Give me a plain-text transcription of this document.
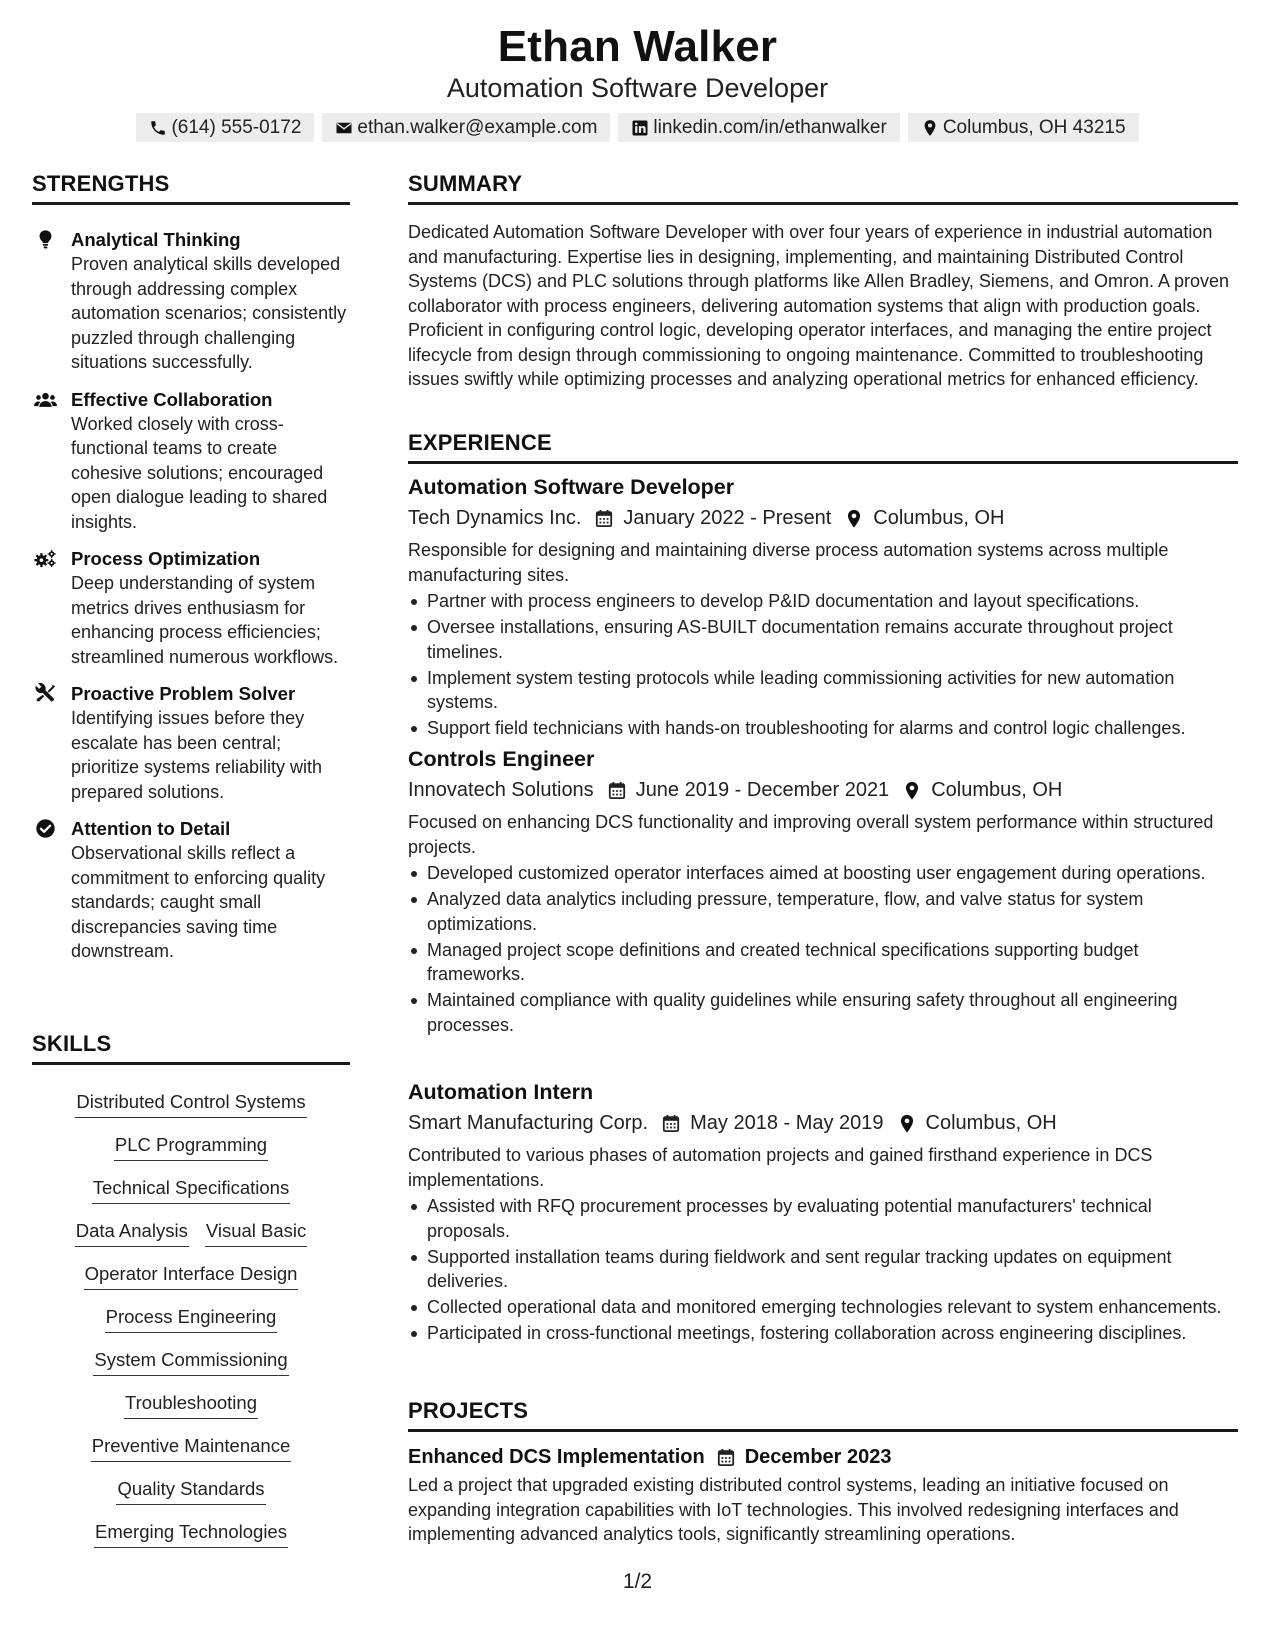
Ethan Walker
Automation Software Developer
(614) 555-0172	ethan.walker@example.com	linkedin.com/in/ethanwalker	Columbus, OH 43215
STRENGTHS
Analytical Thinking
Proven analytical skills developed through addressing complex automation scenarios; consistently puzzled through challenging situations successfully.
Effective Collaboration
Worked closely with cross-functional teams to create cohesive solutions; encouraged open dialogue leading to shared insights.
Process Optimization
Deep understanding of system metrics drives enthusiasm for enhancing process efficiencies; streamlined numerous workflows.
Proactive Problem Solver
Identifying issues before they escalate has been central; prioritize systems reliability with prepared solutions.
Attention to Detail
Observational skills reflect a commitment to enforcing quality standards; caught small discrepancies saving time downstream.
SKILLS
Distributed Control Systems
PLC Programming
Technical Specifications
Data Analysis Visual Basic
Operator Interface Design
Process Engineering
System Commissioning
Troubleshooting
Preventive Maintenance
Quality Standards
Emerging Technologies
SUMMARY
Dedicated Automation Software Developer with over four years of experience in industrial automation and manufacturing. Expertise lies in designing, implementing, and maintaining Distributed Control Systems (DCS) and PLC solutions through platforms like Allen Bradley, Siemens, and Omron. A proven collaborator with process engineers, delivering automation systems that align with production goals. Proficient in configuring control logic, developing operator interfaces, and managing the entire project lifecycle from design through commissioning to ongoing maintenance. Committed to troubleshooting issues swiftly while optimizing processes and analyzing operational metrics for enhanced efficiency.
EXPERIENCE
Automation Software Developer
Tech Dynamics Inc. January 2022 - Present Columbus, OH
Responsible for designing and maintaining diverse process automation systems across multiple manufacturing sites.
Partner with process engineers to develop P&ID documentation and layout specifications.
Oversee installations, ensuring AS-BUILT documentation remains accurate throughout project timelines.
Implement system testing protocols while leading commissioning activities for new automation systems.
Support field technicians with hands-on troubleshooting for alarms and control logic challenges.
Controls Engineer
Innovatech Solutions June 2019 - December 2021 Columbus, OH
Focused on enhancing DCS functionality and improving overall system performance within structured projects.
Developed customized operator interfaces aimed at boosting user engagement during operations.
Analyzed data analytics including pressure, temperature, flow, and valve status for system optimizations.
Managed project scope definitions and created technical specifications supporting budget frameworks.
Maintained compliance with quality guidelines while ensuring safety throughout all engineering processes.
Automation Intern
Smart Manufacturing Corp. May 2018 - May 2019 Columbus, OH
Contributed to various phases of automation projects and gained firsthand experience in DCS implementations.
Assisted with RFQ procurement processes by evaluating potential manufacturers' technical proposals.
Supported installation teams during fieldwork and sent regular tracking updates on equipment deliveries.
Collected operational data and monitored emerging technologies relevant to system enhancements.
Participated in cross-functional meetings, fostering collaboration across engineering disciplines.
PROJECTS
Enhanced DCS Implementation December 2023
Led a project that upgraded existing distributed control systems, leading an initiative focused on expanding integration capabilities with IoT technologies. This involved redesigning interfaces and implementing advanced analytics tools, significantly streamlining operations.
1/2
